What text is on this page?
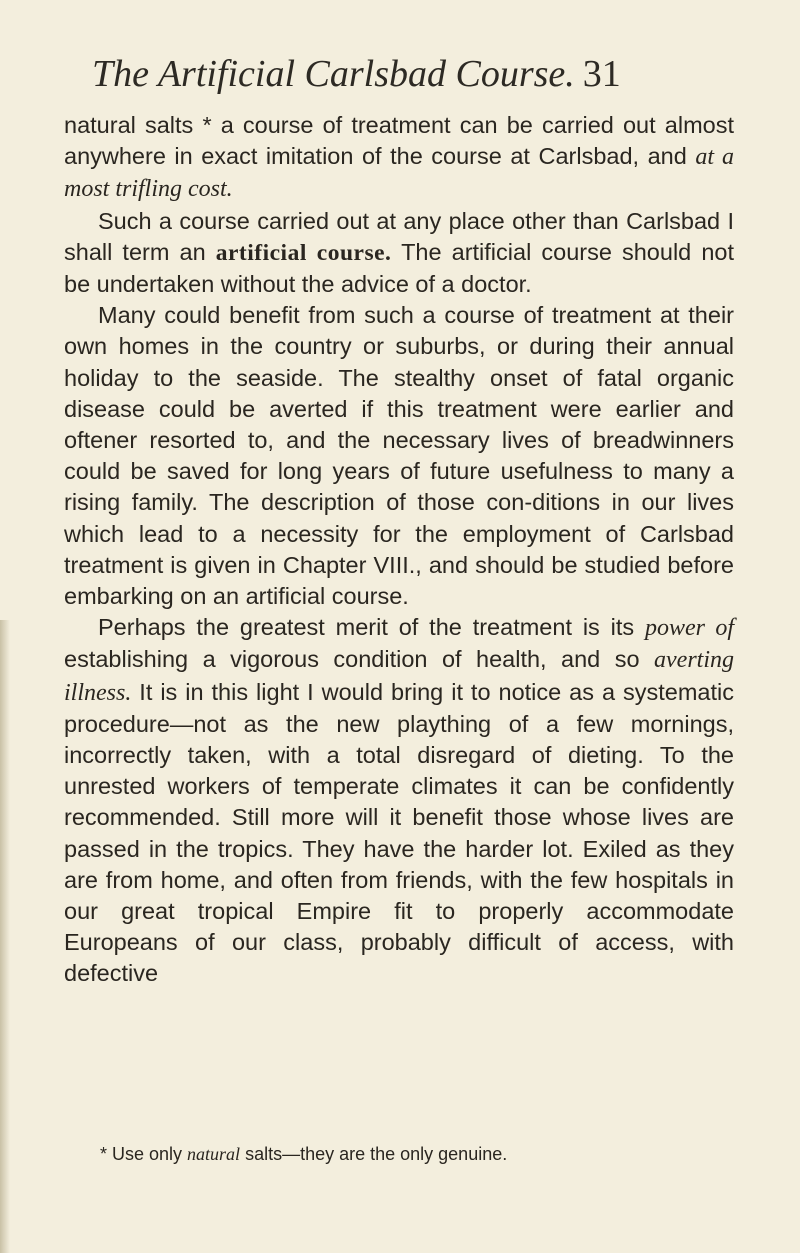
The Artificial Carlsbad Course. 31

natural salts * a course of treatment can be carried out almost anywhere in exact imitation of the course at Carlsbad, and at a most trifling cost.

Such a course carried out at any place other than Carlsbad I shall term an artificial course. The artificial course should not be undertaken without the advice of a doctor.

Many could benefit from such a course of treatment at their own homes in the country or suburbs, or during their annual holiday to the seaside. The stealthy onset of fatal organic disease could be averted if this treatment were earlier and oftener resorted to, and the necessary lives of breadwinners could be saved for long years of future usefulness to many a rising family. The description of those con-ditions in our lives which lead to a necessity for the employment of Carlsbad treatment is given in Chapter VIII., and should be studied before embarking on an artificial course.

Perhaps the greatest merit of the treatment is its power of establishing a vigorous condition of health, and so averting illness. It is in this light I would bring it to notice as a systematic procedure—not as the new plaything of a few mornings, incorrectly taken, with a total disregard of dieting. To the unrested workers of temperate climates it can be confidently recommended. Still more will it benefit those whose lives are passed in the tropics. They have the harder lot. Exiled as they are from home, and often from friends, with the few hospitals in our great tropical Empire fit to properly accommodate Europeans of our class, probably difficult of access, with defective

* Use only natural salts—they are the only genuine.
